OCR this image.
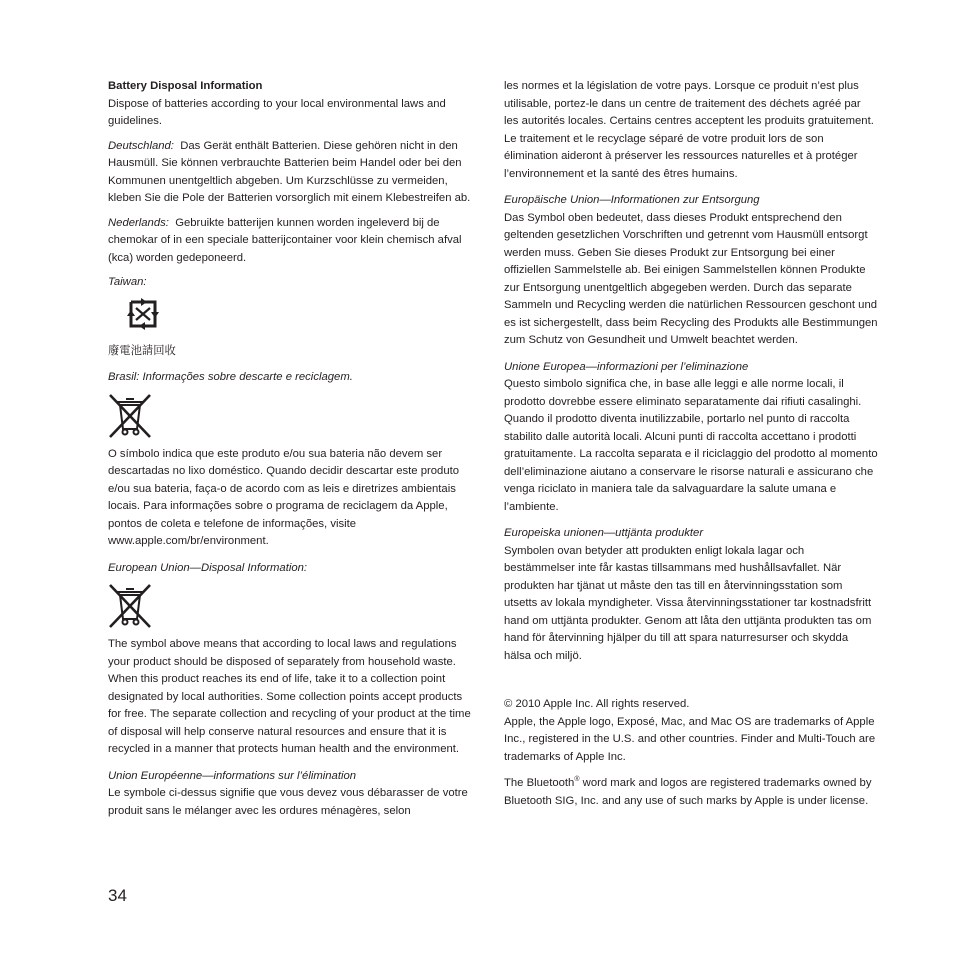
Battery Disposal Information
Dispose of batteries according to your local environmental laws and guidelines.

Deutschland: Das Gerät enthält Batterien. Diese gehören nicht in den Hausmüll. Sie können verbrauchte Batterien beim Handel oder bei den Kommunen unentgeltlich abgeben. Um Kurzschlüsse zu vermeiden, kleben Sie die Pole der Batterien vorsorglich mit einem Klebestreifen ab.

Nederlands: Gebruikte batterijen kunnen worden ingeleverd bij de chemokar of in een speciale batterijcontainer voor klein chemisch afval (kca) worden gedeponeerd.

Taiwan:

廢電池請回收

Brasil: Informações sobre descarte e reciclagem.

O símbolo indica que este produto e/ou sua bateria não devem ser descartadas no lixo doméstico. Quando decidir descartar este produto e/ou sua bateria, faça-o de acordo com as leis e diretrizes ambientais locais. Para informações sobre o programa de reciclagem da Apple, pontos de coleta e telefone de informações, visite www.apple.com/br/environment.

European Union—Disposal Information:

The symbol above means that according to local laws and regulations your product should be disposed of separately from household waste. When this product reaches its end of life, take it to a collection point designated by local authorities. Some collection points accept products for free. The separate collection and recycling of your product at the time of disposal will help conserve natural resources and ensure that it is recycled in a manner that protects human health and the environment.

Union Européenne—informations sur l’élimination
Le symbole ci-dessus signifie que vous devez vous débarasser de votre produit sans le mélanger avec les ordures ménagères, selon

les normes et la législation de votre pays. Lorsque ce produit n’est plus utilisable, portez-le dans un centre de traitement des déchets agréé par les autorités locales. Certains centres acceptent les produits gratuitement. Le traitement et le recyclage séparé de votre produit lors de son élimination aideront à préserver les ressources naturelles et à protéger l’environnement et la santé des êtres humains.

Europäische Union—Informationen zur Entsorgung
Das Symbol oben bedeutet, dass dieses Produkt entsprechend den geltenden gesetzlichen Vorschriften und getrennt vom Hausmüll entsorgt werden muss. Geben Sie dieses Produkt zur Entsorgung bei einer offiziellen Sammelstelle ab. Bei einigen Sammelstellen können Produkte zur Entsorgung unentgeltlich abgegeben werden. Durch das separate Sammeln und Recycling werden die natürlichen Ressourcen geschont und es ist sichergestellt, dass beim Recycling des Produkts alle Bestimmungen zum Schutz von Gesundheit und Umwelt beachtet werden.

Unione Europea—informazioni per l’eliminazione
Questo simbolo significa che, in base alle leggi e alle norme locali, il prodotto dovrebbe essere eliminato separatamente dai rifiuti casalinghi. Quando il prodotto diventa inutilizzabile, portarlo nel punto di raccolta stabilito dalle autorità locali. Alcuni punti di raccolta accettano i prodotti gratuitamente. La raccolta separata e il riciclaggio del prodotto al momento dell’eliminazione aiutano a conservare le risorse naturali e assicurano che venga riciclato in maniera tale da salvaguardare la salute umana e l’ambiente.

Europeiska unionen—uttjänta produkter
Symbolen ovan betyder att produkten enligt lokala lagar och bestämmelser inte får kastas tillsammans med hushållsavfallet. När produkten har tjänat ut måste den tas till en återvinningsstation som utsetts av lokala myndigheter. Vissa återvinningsstationer tar kostnadsfritt hand om uttjänta produkter. Genom att låta den uttjänta produkten tas om hand för återvinning hjälper du till att spara naturresurser och skydda hälsa och miljö.

© 2010 Apple Inc. All rights reserved.
Apple, the Apple logo, Exposé, Mac, and Mac OS are trademarks of Apple Inc., registered in the U.S. and other countries. Finder and Multi-Touch are trademarks of Apple Inc.

The Bluetooth® word mark and logos are registered trademarks owned by Bluetooth SIG, Inc. and any use of such marks by Apple is under license.

34
